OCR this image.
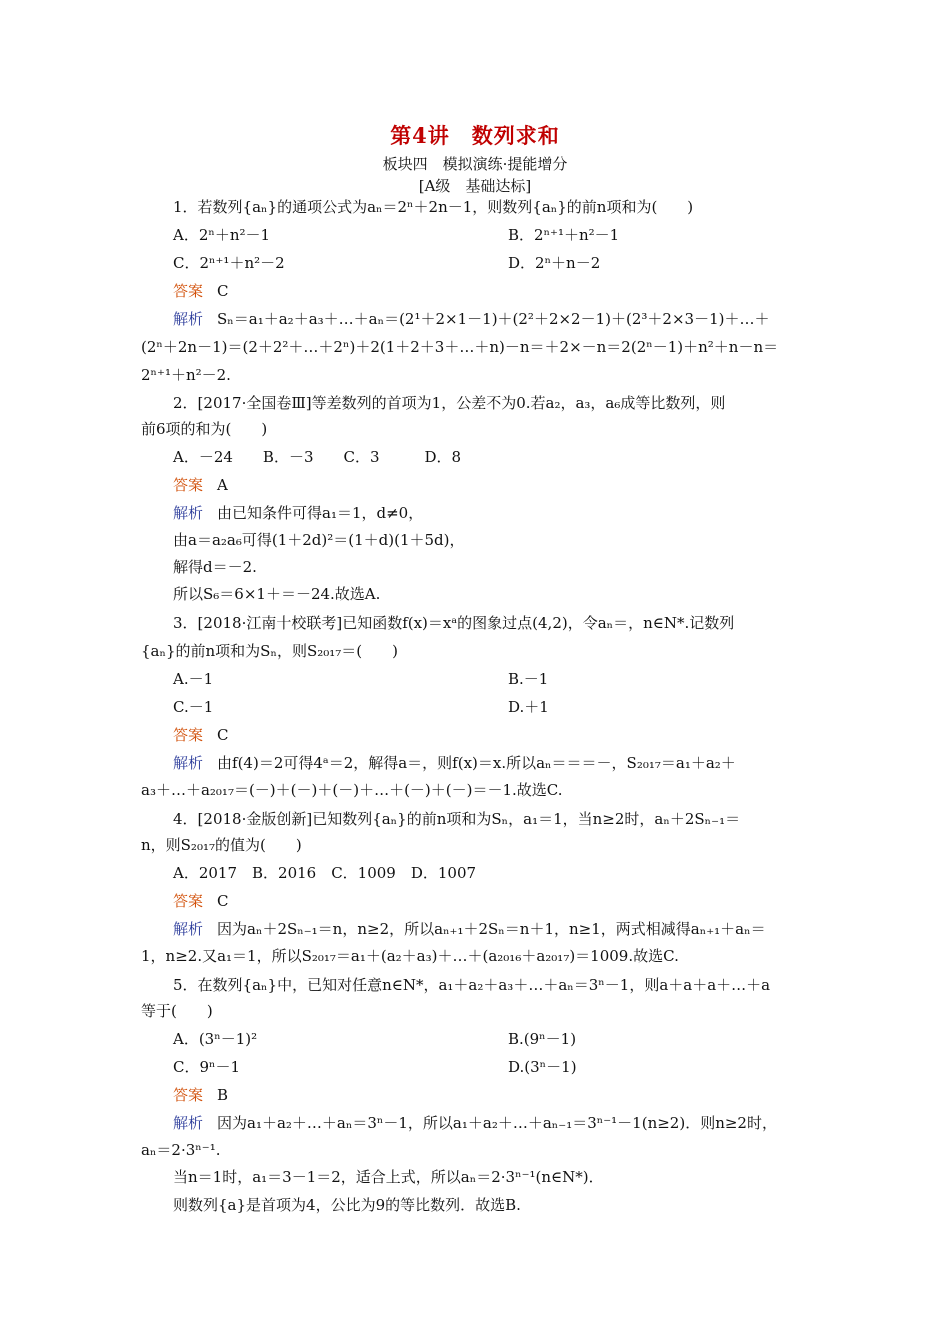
第4讲　数列求和
板块四　模拟演练·提能增分
[A级　基础达标]
1．若数列{aₙ}的通项公式为aₙ＝2ⁿ＋2n－1，则数列{aₙ}的前n项和为(　　)
A．2ⁿ＋n²－1	B．2ⁿ⁺¹＋n²－1
C．2ⁿ⁺¹＋n²－2	D．2ⁿ＋n－2
答案 C
解析 Sₙ＝a₁＋a₂＋a₃＋…＋aₙ＝(2¹＋2×1－1)＋(2²＋2×2－1)＋(2³＋2×3－1)＋…＋
(2ⁿ＋2n－1)＝(2＋2²＋…＋2ⁿ)＋2(1＋2＋3＋…＋n)－n＝＋2×－n＝2(2ⁿ－1)＋n²＋n－n＝
2ⁿ⁺¹＋n²－2.
2．[2017·全国卷Ⅲ]等差数列的首项为1，公差不为0.若a₂，a₃，a₆成等比数列，则
前6项的和为(　　)
A．－24　　B．－3　　C．3　　　D．8
答案 A
解析 由已知条件可得a₁＝1，d≠0，
由a＝a₂a₆可得(1＋2d)²＝(1＋d)(1＋5d)，
解得d＝－2.
所以S₆＝6×1＋＝－24.故选A.
3．[2018·江南十校联考]已知函数f(x)＝xᵃ的图象过点(4,2)，令aₙ＝，n∈N*.记数列
{aₙ}的前n项和为Sₙ，则S₂₀₁₇＝(　　)
A.－1	B.－1
C.－1	D.＋1
答案 C
解析 由f(4)＝2可得4ᵃ＝2，解得a＝，则f(x)＝x.所以aₙ＝＝＝－，S₂₀₁₇＝a₁＋a₂＋
a₃＋…＋a₂₀₁₇＝(－)＋(－)＋(－)＋…＋(－)＋(－)＝－1.故选C.
4．[2018·金版创新]已知数列{aₙ}的前n项和为Sₙ，a₁＝1，当n≥2时，aₙ＋2Sₙ₋₁＝
n，则S₂₀₁₇的值为(　　)
A．2017　B．2016　C．1009　D．1007
答案 C
解析 因为aₙ＋2Sₙ₋₁＝n，n≥2，所以aₙ₊₁＋2Sₙ＝n＋1，n≥1，两式相减得aₙ₊₁＋aₙ＝
1，n≥2.又a₁＝1，所以S₂₀₁₇＝a₁＋(a₂＋a₃)＋…＋(a₂₀₁₆＋a₂₀₁₇)＝1009.故选C.
5．在数列{aₙ}中，已知对任意n∈N*，a₁＋a₂＋a₃＋…＋aₙ＝3ⁿ－1，则a＋a＋a＋…＋a
等于(　　)
A．(3ⁿ－1)²	B.(9ⁿ－1)
C．9ⁿ－1	D.(3ⁿ－1)
答案 B
解析 因为a₁＋a₂＋…＋aₙ＝3ⁿ－1，所以a₁＋a₂＋…＋aₙ₋₁＝3ⁿ⁻¹－1(n≥2)．则n≥2时，
aₙ＝2·3ⁿ⁻¹.
当n＝1时，a₁＝3－1＝2，适合上式，所以aₙ＝2·3ⁿ⁻¹(n∈N*)．
则数列{a}是首项为4，公比为9的等比数列．故选B.
